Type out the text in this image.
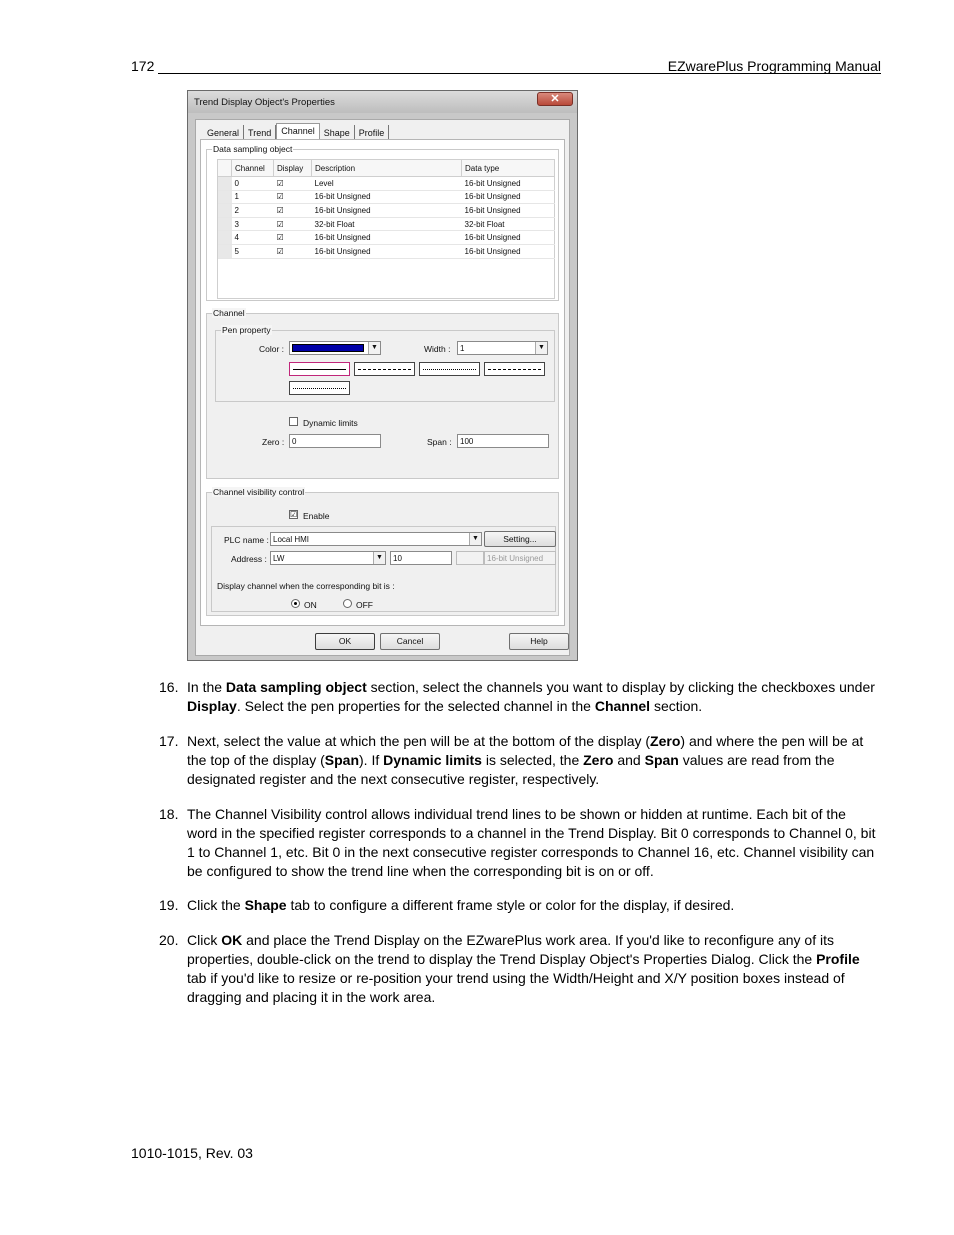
172	EZwarePlus Programming Manual
Trend Display Object's Properties	✕
General	Trend	Channel	Shape	Profile
Data sampling object
	Channel	Display	Description	Data type
	0	☑	Level	16-bit Unsigned
	1	☑	16-bit Unsigned	16-bit Unsigned
	2	☑	16-bit Unsigned	16-bit Unsigned
	3	☑	32-bit Float	32-bit Float
	4	☑	16-bit Unsigned	16-bit Unsigned
	5	☑	16-bit Unsigned	16-bit Unsigned
Channel
Pen property
Color :	▼	Width :	1	▼
Dynamic limits
Zero : 0	Span :	100
Channel visibility control
☑ Enable
PLC name : Local HMI	▼	Setting...
Address : LW	▼	10	16-bit Unsigned
Display channel when the corresponding bit is :
ON	OFF
OK	Cancel	Help
16. In the Data sampling object section, select the channels you want to display by clicking the checkboxes under Display. Select the pen properties for the selected channel in the Channel section.
17. Next, select the value at which the pen will be at the bottom of the display (Zero) and where the pen will be at the top of the display (Span). If Dynamic limits is selected, the Zero and Span values are read from the designated register and the next consecutive register, respectively.
18. The Channel Visibility control allows individual trend lines to be shown or hidden at runtime. Each bit of the word in the specified register corresponds to a channel in the Trend Display. Bit 0 corresponds to Channel 0, bit 1 to Channel 1, etc. Bit 0 in the next consecutive register corresponds to Channel 16, etc. Channel visibility can be configured to show the trend line when the corresponding bit is on or off.
19. Click the Shape tab to configure a different frame style or color for the display, if desired.
20. Click OK and place the Trend Display on the EZwarePlus work area. If you'd like to reconfigure any of its properties, double-click on the trend to display the Trend Display Object's Properties Dialog. Click the Profile tab if you'd like to resize or re-position your trend using the Width/Height and X/Y position boxes instead of dragging and placing it in the work area.
1010-1015, Rev. 03
